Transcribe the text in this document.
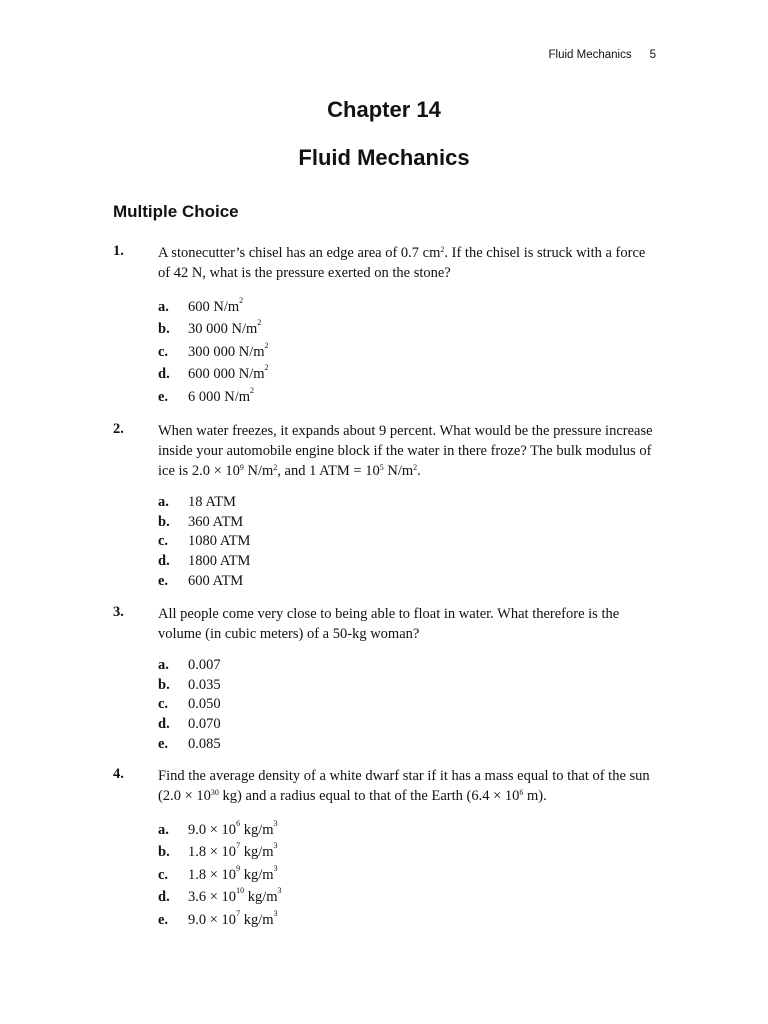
Fluid Mechanics 5
Chapter 14
Fluid Mechanics
Multiple Choice
1. A stonecutter’s chisel has an edge area of 0.7 $cm^2$. If the chisel is struck with a force of 42 N, what is the pressure exerted on the stone?
a.	600 $N/m^2$
b.	30 000 $N/m^2$
c.	300 000 $N/m^2$
d.	600 000 $N/m^2$
e.	6 000 $N/m^2$
2. When water freezes, it expands about 9 percent. What would be the pressure increase inside your automobile engine block if the water in there froze? The bulk modulus of ice is $2.0 \times 10^9$ $N/m^2$, and 1 ATM = $10^5$ $N/m^2$.
a.	18 ATM
b.	360 ATM
c.	1080 ATM
d.	1800 ATM
e.	600 ATM
3. All people come very close to being able to float in water. What therefore is the volume (in cubic meters) of a 50-kg woman?
a.	0.007
b.	0.035
c.	0.050
d.	0.070
e.	0.085
4. Find the average density of a white dwarf star if it has a mass equal to that of the sun ($2.0 \times 10^{30}$ kg) and a radius equal to that of the Earth ($6.4 \times 10^6$ m).
a.	$9.0 \times 10^6$ $kg/m^3$
b.	$1.8 \times 10^7$ $kg/m^3$
c.	$1.8 \times 10^9$ $kg/m^3$
d.	$3.6 \times 10^{10}$ $kg/m^3$
e.	$9.0 \times 10^7$ $kg/m^3$
